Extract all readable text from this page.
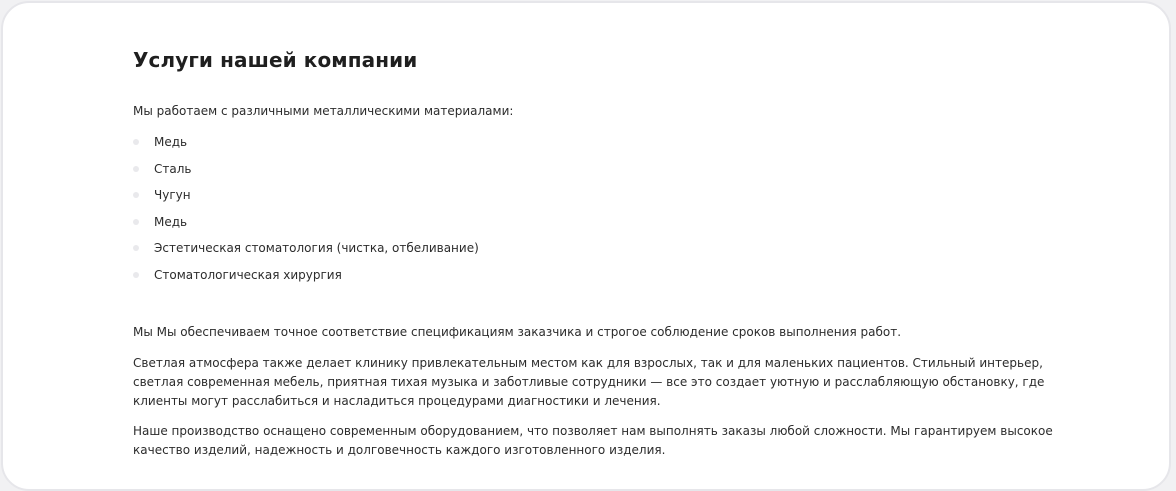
Услуги нашей компании

Мы работаем с различными металлическими материалами:

Медь
Сталь
Чугун
Медь
Эстетическая стоматология (чистка, отбеливание)
Стоматологическая хирургия

Мы Мы обеспечиваем точное соответствие спецификациям заказчика и строгое соблюдение сроков выполнения работ.

Светлая атмосфера также делает клинику привлекательным местом как для взрослых, так и для маленьких пациентов. Стильный интерьер, светлая современная мебель, приятная тихая музыка и заботливые сотрудники — все это создает уютную и расслабляющую обстановку, где клиенты могут расслабиться и насладиться процедурами диагностики и лечения.

Наше производство оснащено современным оборудованием, что позволяет нам выполнять заказы любой сложности. Мы гарантируем высокое качество изделий, надежность и долговечность каждого изготовленного изделия.
